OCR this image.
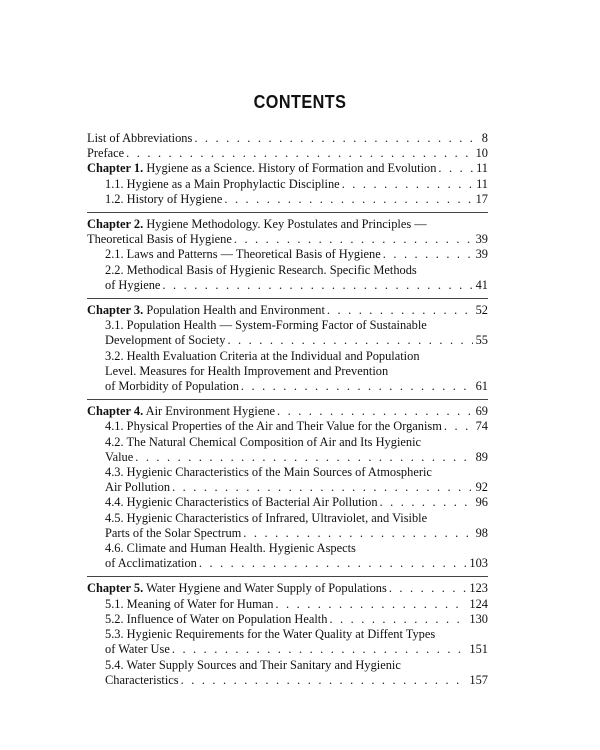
CONTENTS
List of Abbreviations . . .	8
Preface . . .	10
Chapter 1. Hygiene as a Science. History of Formation and Evolution . . .	11
1.1. Hygiene as a Main Prophylactic Discipline . . .	11
1.2. History of Hygiene . . .	17
Chapter 2. Hygiene Methodology. Key Postulates and Principles —
Theoretical Basis of Hygiene . . .	39
2.1. Laws and Patterns — Theoretical Basis of Hygiene . . .	39
2.2. Methodical Basis of Hygienic Research. Specific Methods
of Hygiene . . .	41
Chapter 3. Population Health and Environment . . .	52
3.1. Population Health — System-Forming Factor of Sustainable
Development of Society . . .	55
3.2. Health Evaluation Criteria at the Individual and Population
Level. Measures for Health Improvement and Prevention
of Morbidity of Population . . .	61
Chapter 4. Air Environment Hygiene . . .	69
4.1. Physical Properties of the Air and Their Value for the Organism . . .	74
4.2. The Natural Chemical Composition of Air and Its Hygienic
Value . . .	89
4.3. Hygienic Characteristics of the Main Sources of Atmospheric
Air Pollution . . .	92
4.4. Hygienic Characteristics of Bacterial Air Pollution . . .	96
4.5. Hygienic Characteristics of Infrared, Ultraviolet, and Visible
Parts of the Solar Spectrum . . .	98
4.6. Climate and Human Health. Hygienic Aspects
of Acclimatization . . .	103
Chapter 5. Water Hygiene and Water Supply of Populations . . .	123
5.1. Meaning of Water for Human . . .	124
5.2. Influence of Water on Population Health . . .	130
5.3. Hygienic Requirements for the Water Quality at Diffent Types
of Water Use . . .	151
5.4. Water Supply Sources and Their Sanitary and Hygienic
Characteristics . . .	157
